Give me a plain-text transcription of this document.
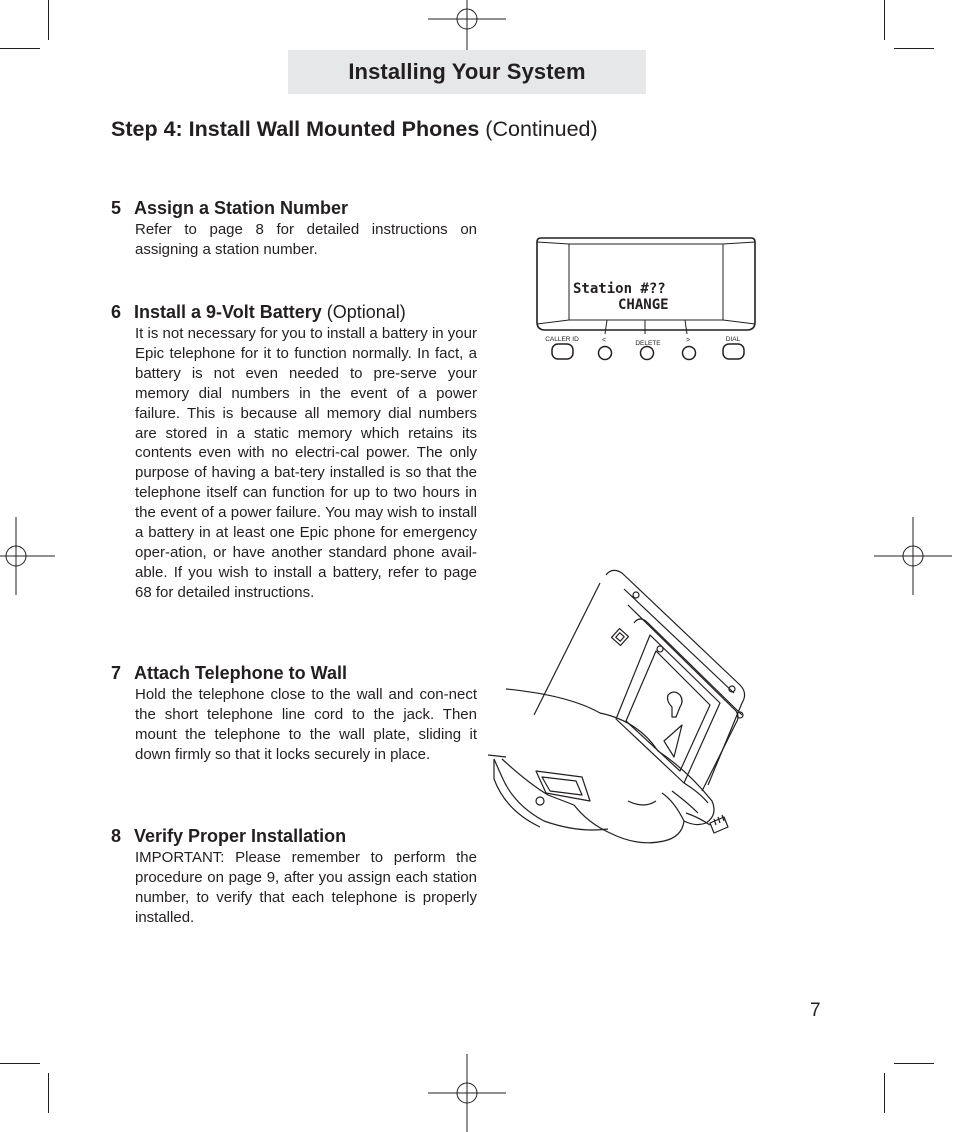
Installing Your System
Step 4: Install Wall Mounted Phones (Continued)
5 Assign a Station Number

Refer to page 8 for detailed instructions on assigning a station number.

6 Install a 9-Volt Battery (Optional)

It is not necessary for you to install a battery in your Epic telephone for it to function normally. In fact, a battery is not even needed to pre-serve your memory dial numbers in the event of a power failure. This is because all memory dial numbers are stored in a static memory which retains its contents even with no electri-cal power. The only purpose of having a bat-tery installed is so that the telephone itself can function for up to two hours in the event of a power failure. You may wish to install a battery in at least one Epic phone for emergency oper-ation, or have another standard phone avail-able. If you wish to install a battery, refer to page 68 for detailed instructions.

7 Attach Telephone to Wall

Hold the telephone close to the wall and con-nect the short telephone line cord to the jack. Then mount the telephone to the wall plate, sliding it down firmly so that it locks securely in place.

8 Verify Proper Installation

IMPORTANT: Please remember to perform the procedure on page 9, after you assign each station number, to verify that each telephone is properly installed.

Station #??
CHANGE
CALLER ID	<	DELETE	>	DIAL
7
